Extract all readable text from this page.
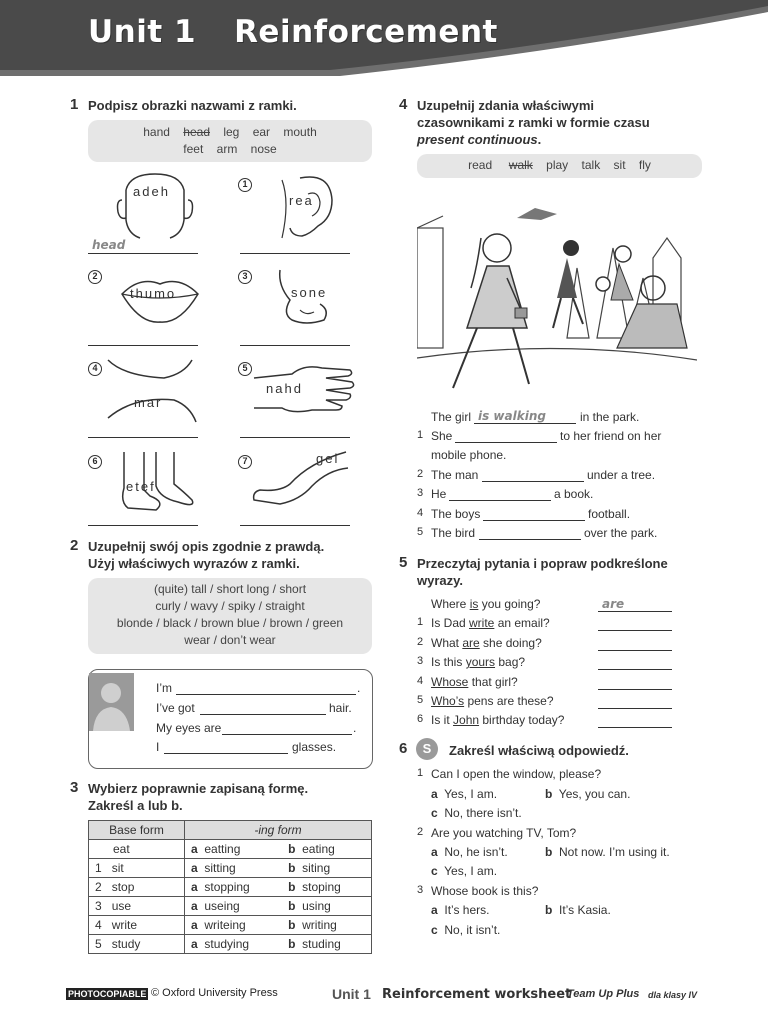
Unit 1 Reinforcement
1 Podpisz obrazki nazwami z ramki.
hand head leg ear mouth
feet arm nose
adeh
head
1
rea
2
thumo
3
sone
4
mar
5
nahd
6
etef
7	gel
2 Uzupełnij swój opis zgodnie z prawdą.
Użyj właściwych wyrazów z ramki.
(quite) tall / short long / short
curly / wavy / spiky / straight
blonde / black / brown blue / brown / green
wear / don’t wear
I’m	.
I’ve got	hair.
My eyes are	.
I	glasses.
3 Wybierz poprawnie zapisaną formę.
Zakreśl a lub b.
Base form	-ing form	
eat	a eatting	b eating
1 sit	a sitting	b siting
2 stop	a stopping	b stoping
3 use	a useing	b using
4 write	a writeing	b writing
5 study	a studying	b studing
4 Uzupełnij zdania właściwymi
czasownikami z ramki w formie czasu
present continuous.
read walk play talk sit fly
The girl is walking	in the park.
1 She	to her friend on her
mobile phone.
2 The man	under a tree.
3 He	a book.
4 The boys	football.
5 The bird	over the park.
5 Przeczytaj pytania i popraw podkreślone
wyrazy.
Where is you going?	are
1 Is Dad write an email?
2 What are she doing?
3 Is this yours bag?
4 Whose that girl?
5 Who’s pens are these?
6 Is it John birthday today?
6	S	Zakreśl właściwą odpowiedź.
1 Can I open the window, please?
a Yes, I am.	b Yes, you can.
c No, there isn’t.
2 Are you watching TV, Tom?
a No, he isn’t.	b Not now. I’m using it.
c Yes, I am.
3 Whose book is this?
a It’s hers.	b It’s Kasia.
c No, it isn’t.
PHOTOCOPIABLE © Oxford University Press	Unit 1 Reinforcement worksheet
Team Up Plus dla klasy IV
